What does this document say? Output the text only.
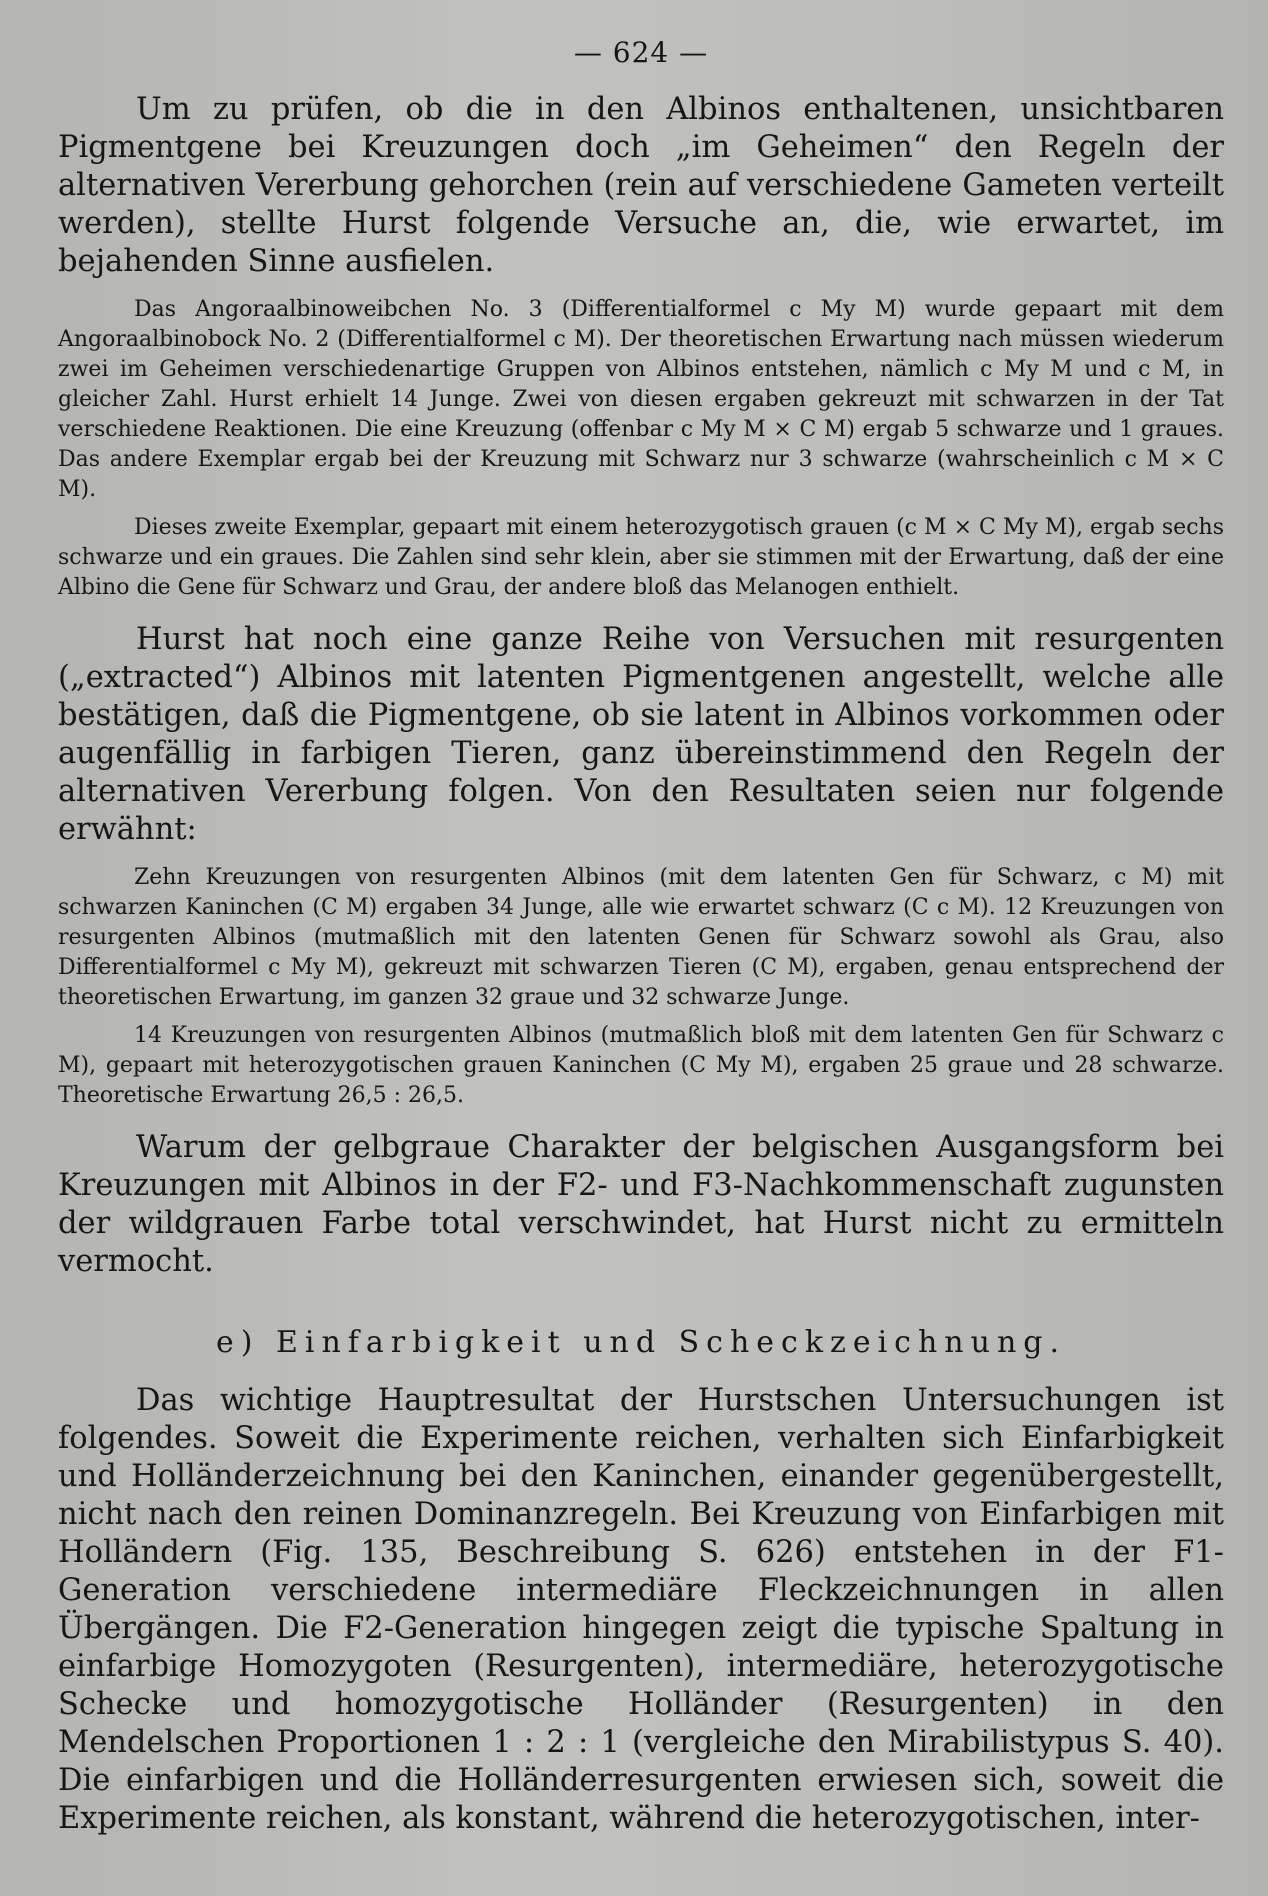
— 624 —

Um zu prüfen, ob die in den Albinos enthaltenen, unsichtbaren Pigmentgene bei Kreuzungen doch „im Geheimen“ den Regeln der alternativen Vererbung gehorchen (rein auf verschiedene Gameten verteilt werden), stellte Hurst folgende Versuche an, die, wie erwartet, im bejahenden Sinne ausfielen.

Das Angoraalbinoweibchen No. 3 (Differentialformel c My M) wurde gepaart mit dem Angoraalbinobock No. 2 (Differentialformel c M). Der theoretischen Erwartung nach müssen wiederum zwei im Geheimen verschiedenartige Gruppen von Albinos entstehen, nämlich c My M und c M, in gleicher Zahl. Hurst erhielt 14 Junge. Zwei von diesen ergaben gekreuzt mit schwarzen in der Tat verschiedene Reaktionen. Die eine Kreuzung (offenbar c My M × C M) ergab 5 schwarze und 1 graues. Das andere Exemplar ergab bei der Kreuzung mit Schwarz nur 3 schwarze (wahrscheinlich c M × C M).

Dieses zweite Exemplar, gepaart mit einem heterozygotisch grauen (c M × C My M), ergab sechs schwarze und ein graues. Die Zahlen sind sehr klein, aber sie stimmen mit der Erwartung, daß der eine Albino die Gene für Schwarz und Grau, der andere bloß das Melanogen enthielt.

Hurst hat noch eine ganze Reihe von Versuchen mit resurgenten („extracted“) Albinos mit latenten Pigmentgenen angestellt, welche alle bestätigen, daß die Pigmentgene, ob sie latent in Albinos vorkommen oder augenfällig in farbigen Tieren, ganz übereinstimmend den Regeln der alternativen Vererbung folgen. Von den Resultaten seien nur folgende erwähnt:

Zehn Kreuzungen von resurgenten Albinos (mit dem latenten Gen für Schwarz, c M) mit schwarzen Kaninchen (C M) ergaben 34 Junge, alle wie erwartet schwarz (C c M). 12 Kreuzungen von resurgenten Albinos (mutmaßlich mit den latenten Genen für Schwarz sowohl als Grau, also Differentialformel c My M), gekreuzt mit schwarzen Tieren (C M), ergaben, genau entsprechend der theoretischen Erwartung, im ganzen 32 graue und 32 schwarze Junge.

14 Kreuzungen von resurgenten Albinos (mutmaßlich bloß mit dem latenten Gen für Schwarz c M), gepaart mit heterozygotischen grauen Kaninchen (C My M), ergaben 25 graue und 28 schwarze. Theoretische Erwartung 26,5 : 26,5.

Warum der gelbgraue Charakter der belgischen Ausgangsform bei Kreuzungen mit Albinos in der F2- und F3-Nachkommenschaft zugunsten der wildgrauen Farbe total verschwindet, hat Hurst nicht zu ermitteln vermocht.

e) Einfarbigkeit und Scheckzeichnung.

Das wichtige Hauptresultat der Hurstschen Untersuchungen ist folgendes. Soweit die Experimente reichen, verhalten sich Einfarbigkeit und Holländerzeichnung bei den Kaninchen, einander gegenübergestellt, nicht nach den reinen Dominanzregeln. Bei Kreuzung von Einfarbigen mit Holländern (Fig. 135, Beschreibung S. 626) entstehen in der F1-Generation verschiedene intermediäre Fleckzeichnungen in allen Übergängen. Die F2-Generation hingegen zeigt die typische Spaltung in einfarbige Homozygoten (Resurgenten), intermediäre, heterozygotische Schecke und homozygotische Holländer (Resurgenten) in den Mendelschen Proportionen 1 : 2 : 1 (vergleiche den Mirabilistypus S. 40). Die einfarbigen und die Holländerresurgenten erwiesen sich, soweit die Experimente reichen, als konstant, während die heterozygotischen, inter-
